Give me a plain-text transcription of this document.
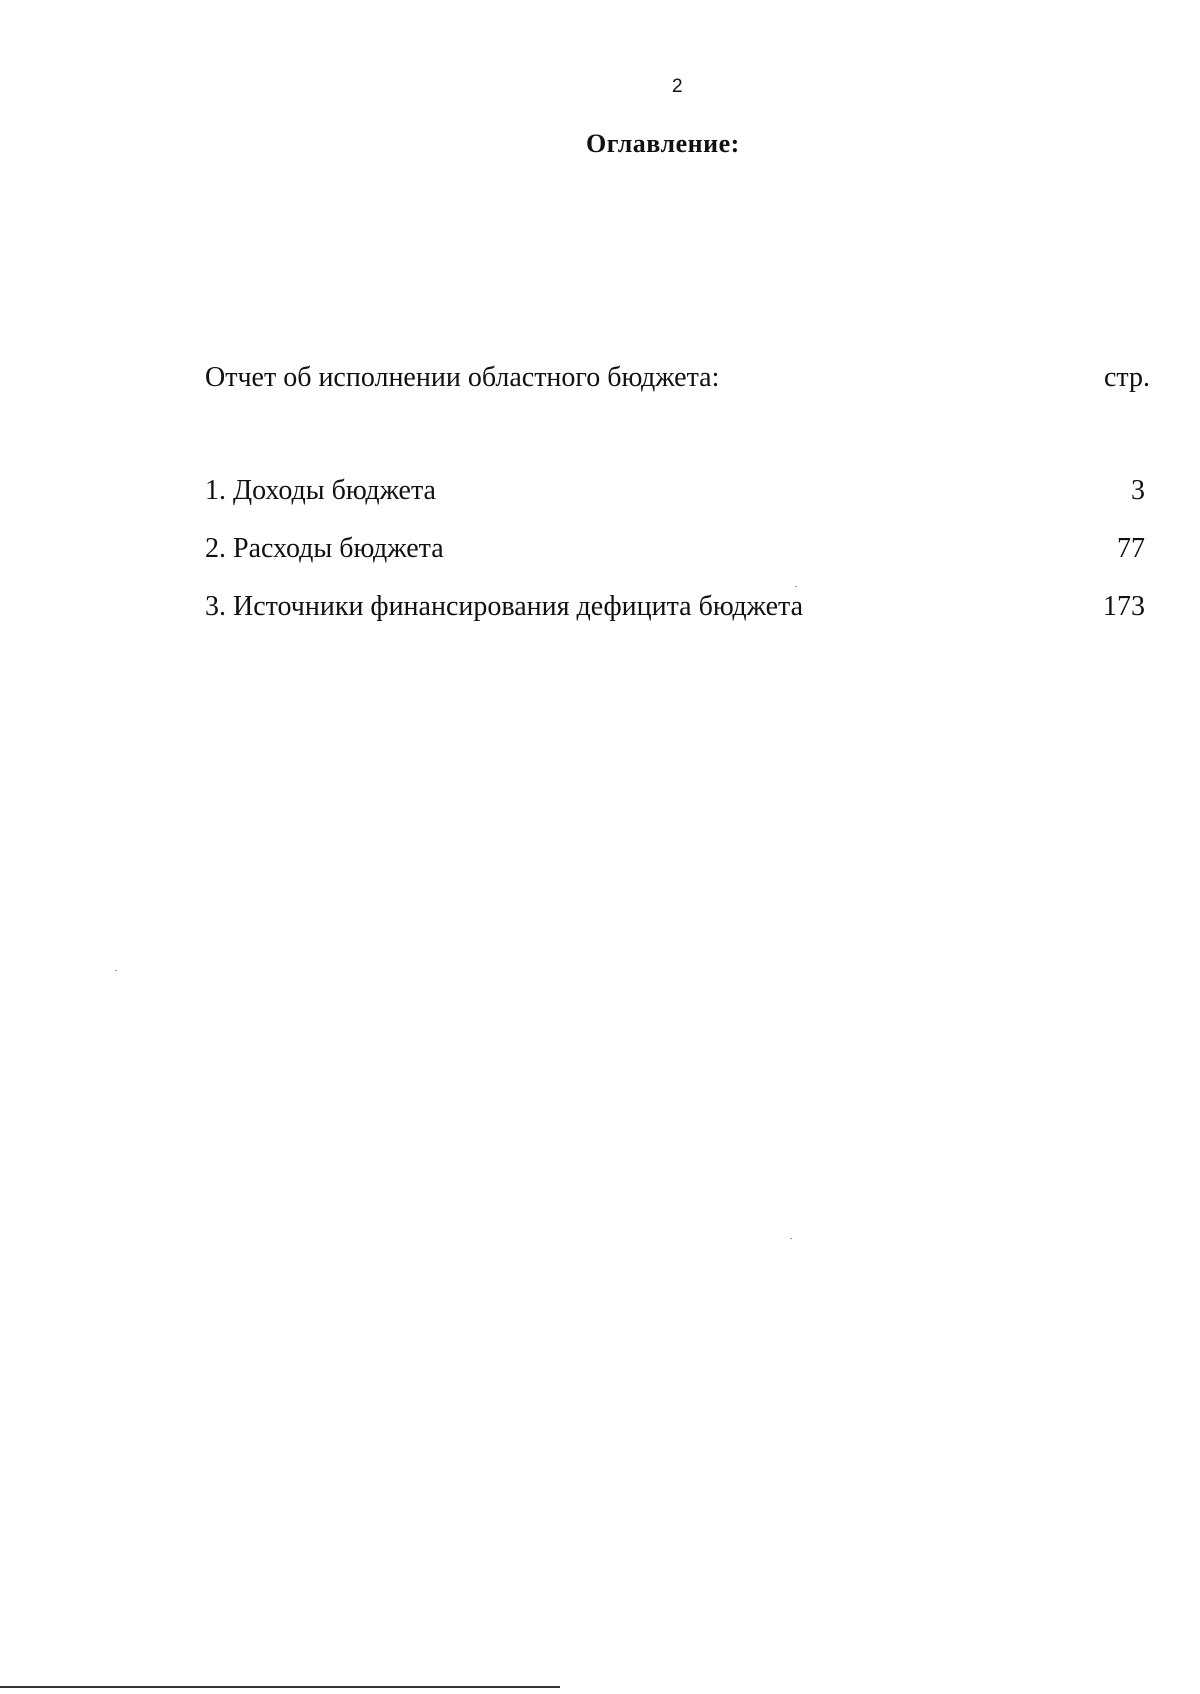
2
Оглавление:
Отчет об исполнении областного бюджета:	стр.
1. Доходы бюджета	3
2. Расходы бюджета	77
3. Источники финансирования дефицита бюджета	173
